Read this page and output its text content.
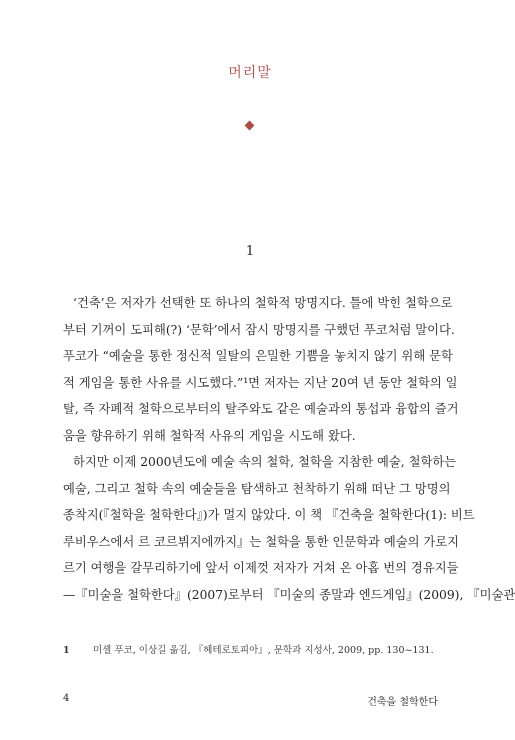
머리말
1
‘건축’은 저자가 선택한 또 하나의 철학적 망명지다. 틀에 박힌 철학으로
부터 기꺼이 도피해(?) ‘문학’에서 잠시 망명지를 구했던 푸코처럼 말이다.
푸코가 “예술을 통한 정신적 일탈의 은밀한 기쁨을 놓치지 않기 위해 문학
적 게임을 통한 사유를 시도했다.”¹면 저자는 지난 20여 년 동안 철학의 일
탈, 즉 자폐적 철학으로부터의 탈주와도 같은 예술과의 통섭과 융합의 즐거
움을 향유하기 위해 철학적 사유의 게임을 시도해 왔다.
하지만 이제 2000년도에 예술 속의 철학, 철학을 지참한 예술, 철학하는
예술, 그리고 철학 속의 예술들을 탐색하고 천착하기 위해 떠난 그 망명의
종착지(『철학을 철학한다』)가 멀지 않았다. 이 책 『건축을 철학한다(1): 비트
루비우스에서 르 코르뷔지에까지』는 철학을 통한 인문학과 예술의 가로지
르기 여행을 갈무리하기에 앞서 이제껏 저자가 거쳐 온 아홉 번의 경유지들
—『미술을 철학한다』(2007)로부터 『미술의 종말과 엔드게임』(2009), 『미술관
1 미셸 푸코, 이상길 옮김, 『헤테로토피아』, 문학과 지성사, 2009, pp. 130~131.
4	건축을 철학한다
